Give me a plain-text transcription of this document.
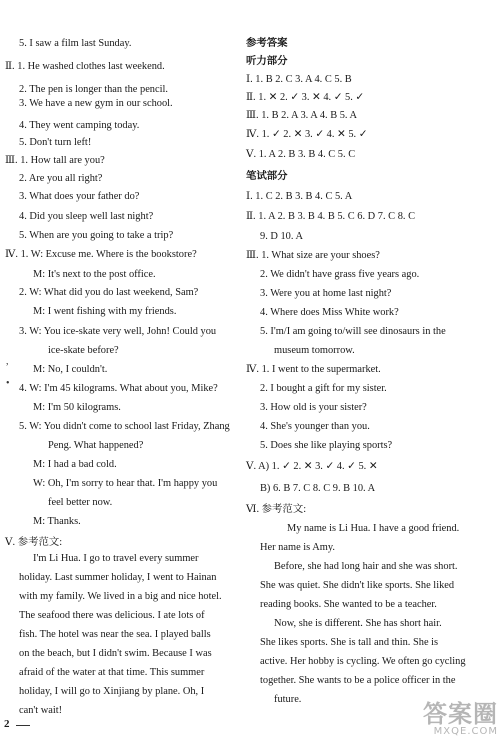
5. I saw a film last Sunday.
Ⅱ. 1. He washed clothes last weekend.
2. The pen is longer than the pencil.
3. We have a new gym in our school.
4. They went camping today.
5. Don't turn left!
Ⅲ. 1. How tall are you?
2. Are you all right?
3. What does your father do?
4. Did you sleep well last night?
5. When are you going to take a trip?
Ⅳ. 1. W: Excuse me. Where is the bookstore?
M: It's next to the post office.
2. W: What did you do last weekend, Sam?
M: I went fishing with my friends.
3. W: You ice-skate very well, John! Could you
ice-skate before?
M: No, I couldn't.
4. W: I'm 45 kilograms. What about you, Mike?
M: I'm 50 kilograms.
5. W: You didn't come to school last Friday, Zhang
Peng. What happened?
M: I had a bad cold.
W: Oh, I'm sorry to hear that. I'm happy you
feel better now.
M: Thanks.
Ⅴ. 参考范文:
I'm Li Hua. I go to travel every summer
holiday. Last summer holiday, I went to Hainan
with my family. We lived in a big and nice hotel.
The seafood there was delicious. I ate lots of
fish. The hotel was near the sea. I played balls
on the beach, but I didn't swim. Because I was
afraid of the water at that time. This summer
holiday, I will go to Xinjiang by plane. Oh, I
can't wait!
参考答案
听力部分
Ⅰ. 1. B 2. C 3. A 4. C 5. B
Ⅱ. 1. ✕ 2. ✓ 3. ✕ 4. ✓ 5. ✓
Ⅲ. 1. B 2. A 3. A 4. B 5. A
Ⅳ. 1. ✓ 2. ✕ 3. ✓ 4. ✕ 5. ✓
Ⅴ. 1. A 2. B 3. B 4. C 5. C
笔试部分
Ⅰ. 1. C 2. B 3. B 4. C 5. A
Ⅱ. 1. A 2. B 3. B 4. B 5. C 6. D 7. C 8. C
9. D 10. A
Ⅲ. 1. What size are your shoes?
2. We didn't have grass five years ago.
3. Were you at home last night?
4. Where does Miss White work?
5. I'm/I am going to/will see dinosaurs in the
museum tomorrow.
Ⅳ. 1. I went to the supermarket.
2. I bought a gift for my sister.
3. How old is your sister?
4. She's younger than you.
5. Does she like playing sports?
Ⅴ. A) 1. ✓ 2. ✕ 3. ✓ 4. ✓ 5. ✕
B) 6. B 7. C 8. C 9. B 10. A
Ⅵ. 参考范文:
My name is Li Hua. I have a good friend.
Her name is Amy.
Before, she had long hair and she was short.
She was quiet. She didn't like sports. She liked
reading books. She wanted to be a teacher.
Now, she is different. She has short hair.
She likes sports. She is tall and thin. She is
active. Her hobby is cycling. We often go cycling
together. She wants to be a police officer in the
future.
,
•
2	答案圈
MXQE.COM
